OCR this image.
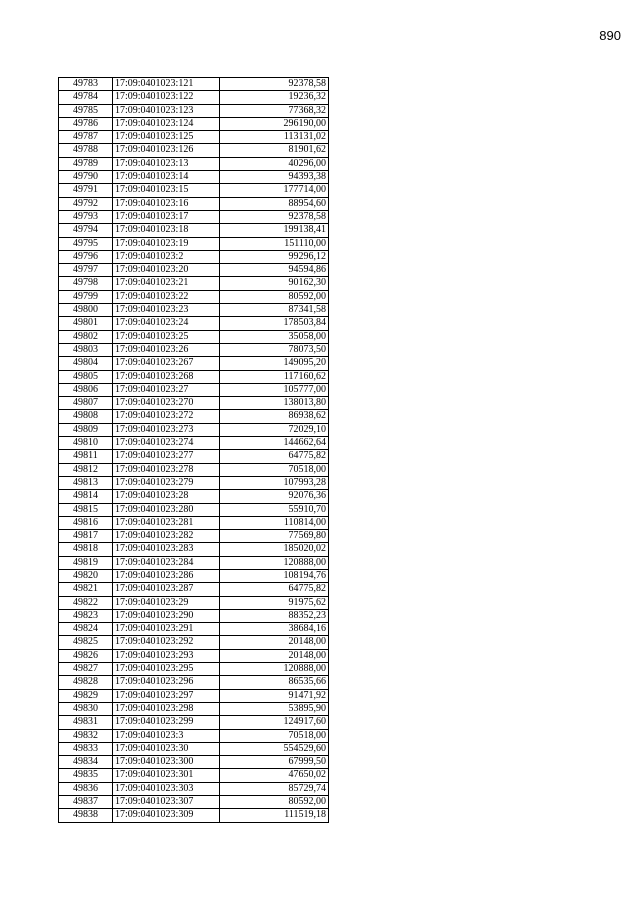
890
49783	17:09:0401023:121	92378,58
49784	17:09:0401023:122	19236,32
49785	17:09:0401023:123	77368,32
49786	17:09:0401023:124	296190,00
49787	17:09:0401023:125	113131,02
49788	17:09:0401023:126	81901,62
49789	17:09:0401023:13	40296,00
49790	17:09:0401023:14	94393,38
49791	17:09:0401023:15	177714,00
49792	17:09:0401023:16	88954,60
49793	17:09:0401023:17	92378,58
49794	17:09:0401023:18	199138,41
49795	17:09:0401023:19	151110,00
49796	17:09:0401023:2	99296,12
49797	17:09:0401023:20	94594,86
49798	17:09:0401023:21	90162,30
49799	17:09:0401023:22	80592,00
49800	17:09:0401023:23	87341,58
49801	17:09:0401023:24	178503,84
49802	17:09:0401023:25	35058,00
49803	17:09:0401023:26	78073,50
49804	17:09:0401023:267	149095,20
49805	17:09:0401023:268	117160,62
49806	17:09:0401023:27	105777,00
49807	17:09:0401023:270	138013,80
49808	17:09:0401023:272	86938,62
49809	17:09:0401023:273	72029,10
49810	17:09:0401023:274	144662,64
49811	17:09:0401023:277	64775,82
49812	17:09:0401023:278	70518,00
49813	17:09:0401023:279	107993,28
49814	17:09:0401023:28	92076,36
49815	17:09:0401023:280	55910,70
49816	17:09:0401023:281	110814,00
49817	17:09:0401023:282	77569,80
49818	17:09:0401023:283	185020,02
49819	17:09:0401023:284	120888,00
49820	17:09:0401023:286	108194,76
49821	17:09:0401023:287	64775,82
49822	17:09:0401023:29	91975,62
49823	17:09:0401023:290	88352,23
49824	17:09:0401023:291	38684,16
49825	17:09:0401023:292	20148,00
49826	17:09:0401023:293	20148,00
49827	17:09:0401023:295	120888,00
49828	17:09:0401023:296	86535,66
49829	17:09:0401023:297	91471,92
49830	17:09:0401023:298	53895,90
49831	17:09:0401023:299	124917,60
49832	17:09:0401023:3	70518,00
49833	17:09:0401023:30	554529,60
49834	17:09:0401023:300	67999,50
49835	17:09:0401023:301	47650,02
49836	17:09:0401023:303	85729,74
49837	17:09:0401023:307	80592,00
49838	17:09:0401023:309	111519,18
